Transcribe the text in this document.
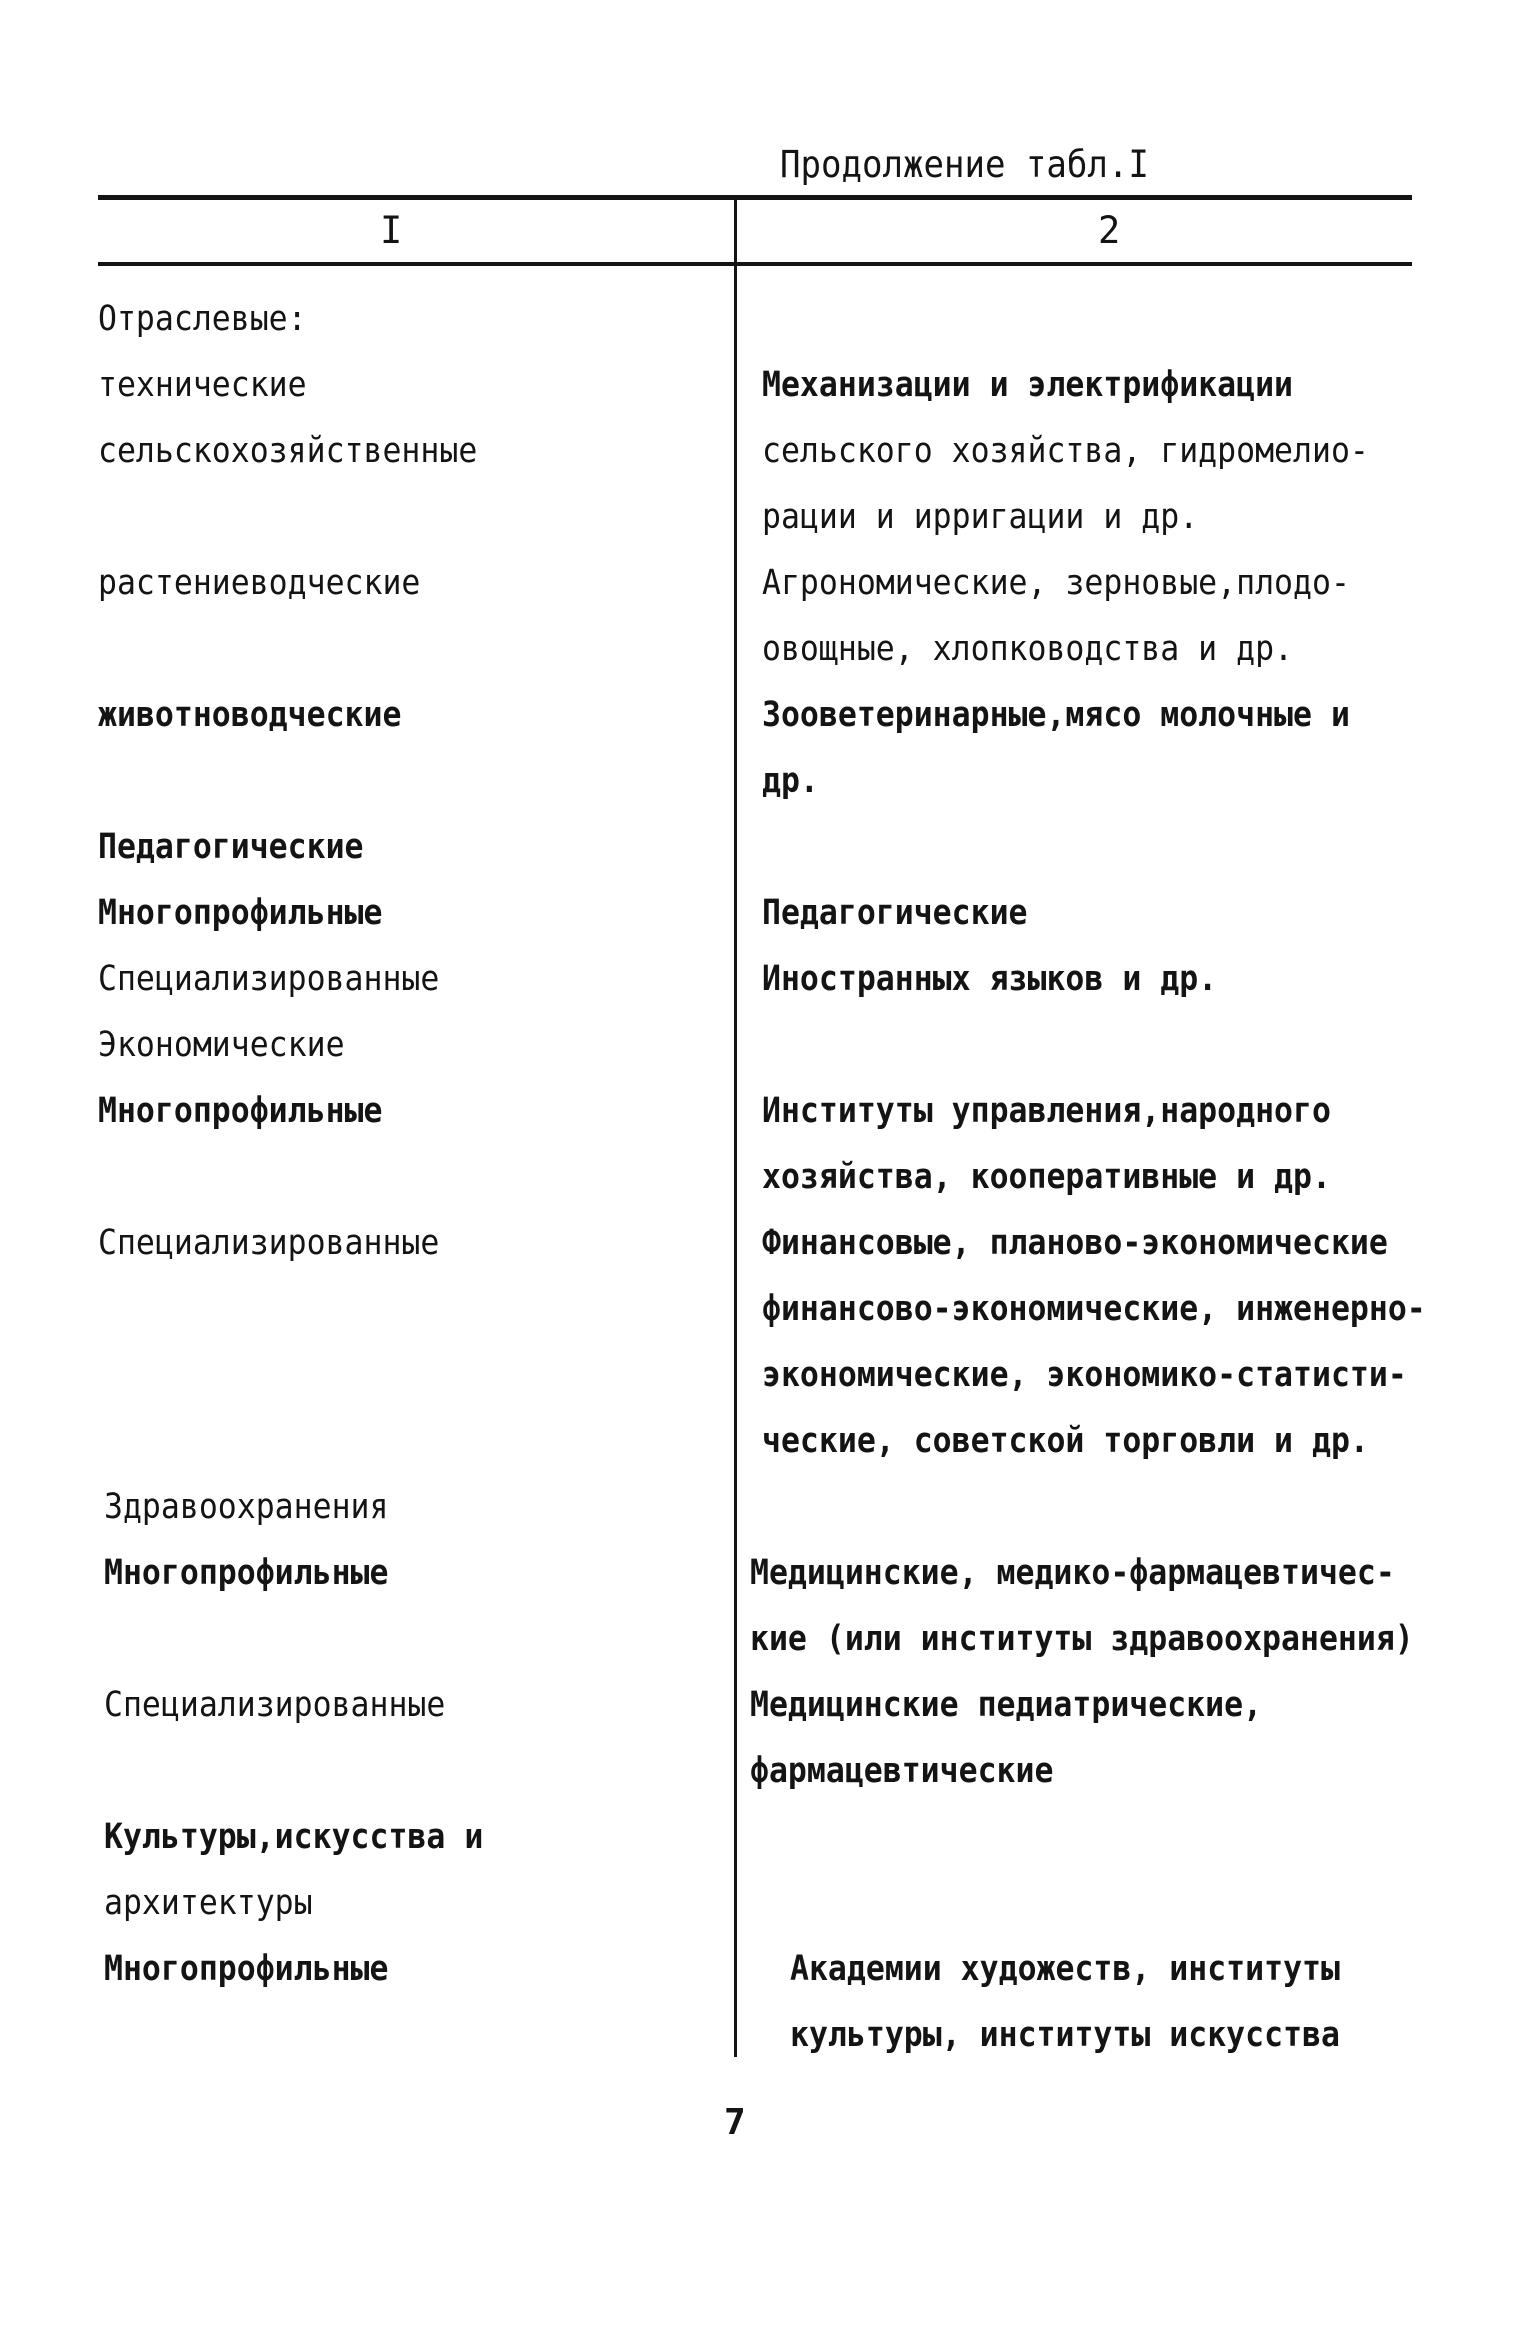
Продолжение табл.I
I	2
Отраслевые:
технические
сельскохозяйственные
растениеводческие
животноводческие
Педагогические
Многопрофильные
Специализированные
Экономические
Многопрофильные
Специализированные
Здравоохранения
Многопрофильные
Специализированные
Культуры,искусства и
архитектуры
Многопрофильные
Механизации и электрификации
сельского хозяйства, гидромелио-
рации и ирригации и др.
Агрономические, зерновые,плодо-
овощные, хлопководства и др.
Зооветеринарные,мясо молочные и
др.
Педагогические
Иностранных языков и др.
Институты управления,народного
хозяйства, кооперативные и др.
Финансовые, планово-экономические
финансово-экономические, инженерно-
экономические, экономико-статисти-
ческие, советской торговли и др.
Медицинские, медико-фармацевтичес-
кие (или институты здравоохранения)
Медицинские педиатрические,
фармацевтические
Академии художеств, институты
культуры, институты искусства
7
